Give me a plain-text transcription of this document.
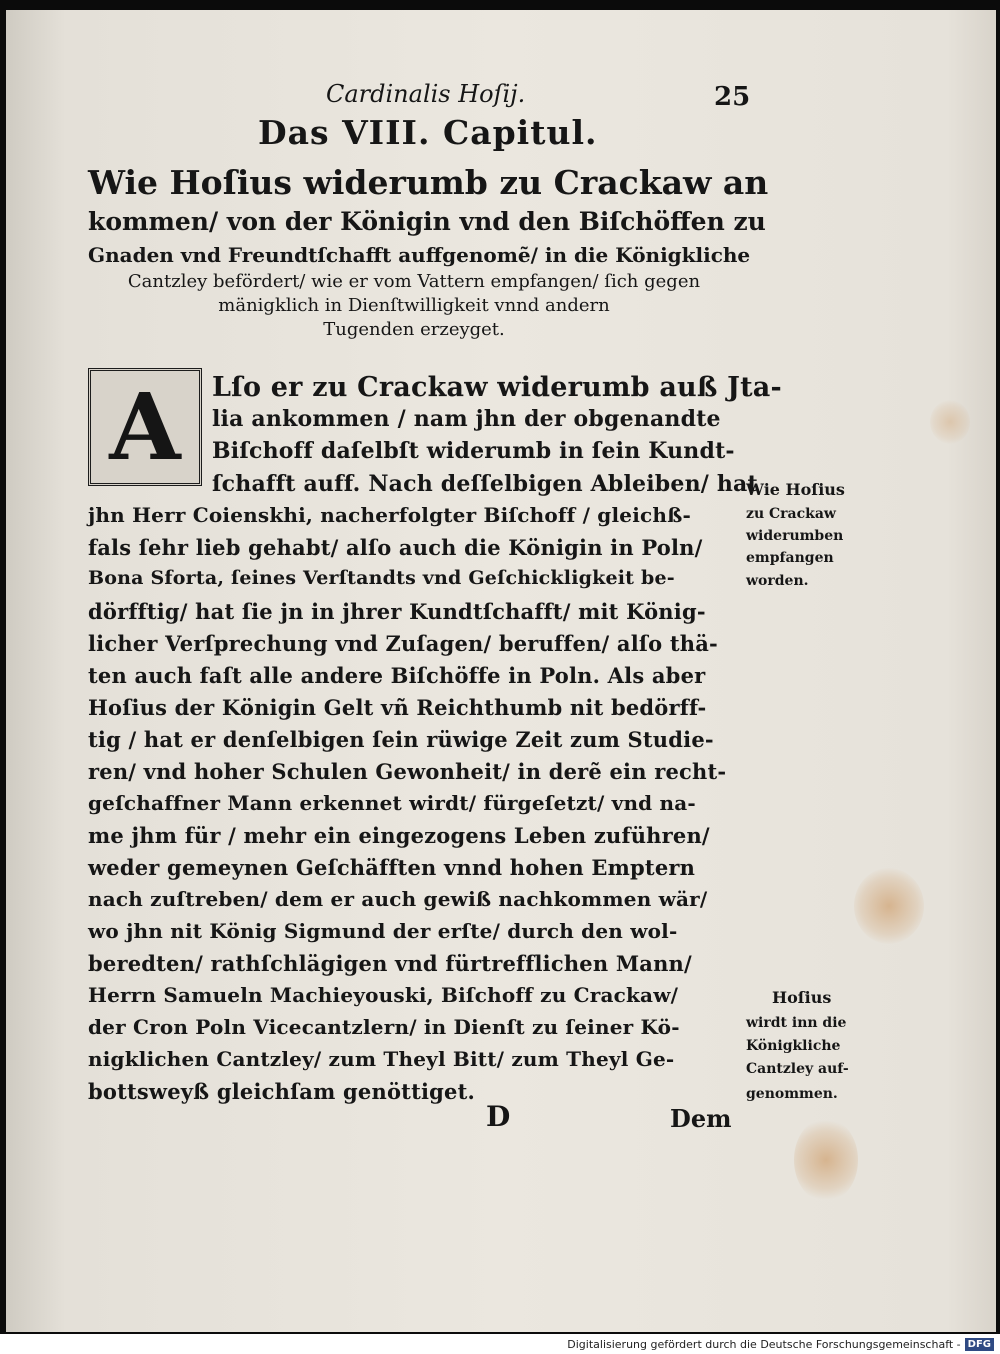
Cardinalis Hoſij.	25
Das VIII. Capitul.
Wie Hoſius widerumb zu Crackaw an
kommen/ von der Königin vnd den Biſchöffen zu
Gnaden vnd Freundtſchafft auffgenomẽ/ in die Königkliche
Cantzley befördert/ wie er vom Vattern empfangen/ ſich gegen
mänigklich in Dienſtwilligkeit vnnd andern
Tugenden erzeyget.
A	Lſo er zu Crackaw widerumb auß Jta-
lia ankommen / nam jhn der obgenandte
Biſchoff daſelbſt widerumb in ſein Kundt-
ſchafft auff. Nach deſſelbigen Ableiben/ hat
jhn Herr Coienskhi, nacherfolgter Biſchoff / gleichß-
fals ſehr lieb gehabt/ alſo auch die Königin in Poln/
Bona Sforta, ſeines Verſtandts vnd Geſchickligkeit be-
dörfftig/ hat ſie jn in jhrer Kundtſchafft/ mit König-
licher Verſprechung vnd Zuſagen/ beruffen/ alſo thä-
ten auch faſt alle andere Biſchöffe in Poln. Als aber
Hoſius der Königin Gelt vñ Reichthumb nit bedörff-
tig / hat er denſelbigen ſein rüwige Zeit zum Studie-
ren/ vnd hoher Schulen Gewonheit/ in derẽ ein recht-
geſchaffner Mann erkennet wirdt/ fürgeſetzt/ vnd na-
me jhm für / mehr ein eingezogens Leben zuführen/
weder gemeynen Geſchäfften vnnd hohen Emptern
nach zuſtreben/ dem er auch gewiß nachkommen wär/
wo jhn nit König Sigmund der erſte/ durch den wol-
beredten/ rathſchlägigen vnd fürtrefflichen Mann/
Herrn Samueln Machieyouski, Biſchoff zu Crackaw/
der Cron Poln Vicecantzlern/ in Dienſt zu ſeiner Kö-
nigklichen Cantzley/ zum Theyl Bitt/ zum Theyl Ge-
bottsweyß gleichſam genöttiget.
Wie Hoſius
zu Crackaw
widerumben
empfangen
worden.
Hoſius
wirdt inn die
Königkliche
Cantzley auf-
genommen.
D	Dem
Digitalisierung gefördert durch die Deutsche Forschungsgemeinschaft - DFG
